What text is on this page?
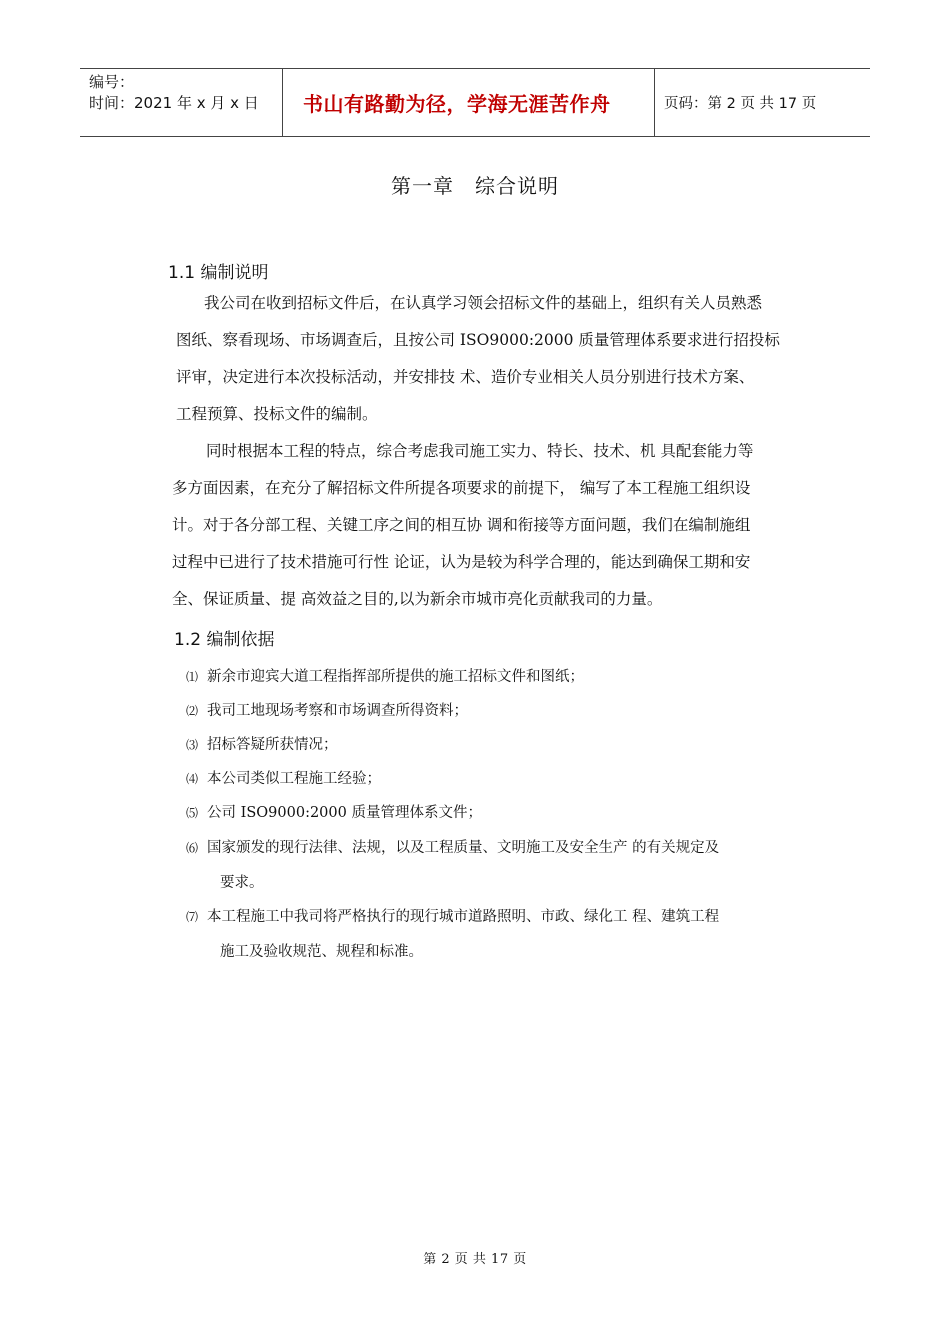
编号：
时间：2021 年 x 月 x 日	书山有路勤为径，学海无涯苦作舟	页码：第 2 页 共 17 页
第一章　综合说明
1.1 编制说明
我公司在收到招标文件后，在认真学习领会招标文件的基础上，组织有关人员熟悉
图纸、察看现场、市场调查后，且按公司 ISO9000:2000 质量管理体系要求进行招投标
评审，决定进行本次投标活动，并安排技 术、造价专业相关人员分别进行技术方案、
工程预算、投标文件的编制。
同时根据本工程的特点，综合考虑我司施工实力、特长、技术、机 具配套能力等
多方面因素，在充分了解招标文件所提各项要求的前提下， 编写了本工程施工组织设
计。对于各分部工程、关键工序之间的相互协 调和衔接等方面问题，我们在编制施组
过程中已进行了技术措施可行性 论证，认为是较为科学合理的，能达到确保工期和安
全、保证质量、提 高效益之目的,以为新余市城市亮化贡献我司的力量。
1.2 编制依据
⑴ 新余市迎宾大道工程指挥部所提供的施工招标文件和图纸；
⑵ 我司工地现场考察和市场调查所得资料；
⑶ 招标答疑所获情况；
⑷ 本公司类似工程施工经验；
⑸ 公司 ISO9000:2000 质量管理体系文件；
⑹ 国家颁发的现行法律、法规，以及工程质量、文明施工及安全生产 的有关规定及
要求。
⑺ 本工程施工中我司将严格执行的现行城市道路照明、市政、绿化工 程、建筑工程
施工及验收规范、规程和标准。
第 2 页 共 17 页
